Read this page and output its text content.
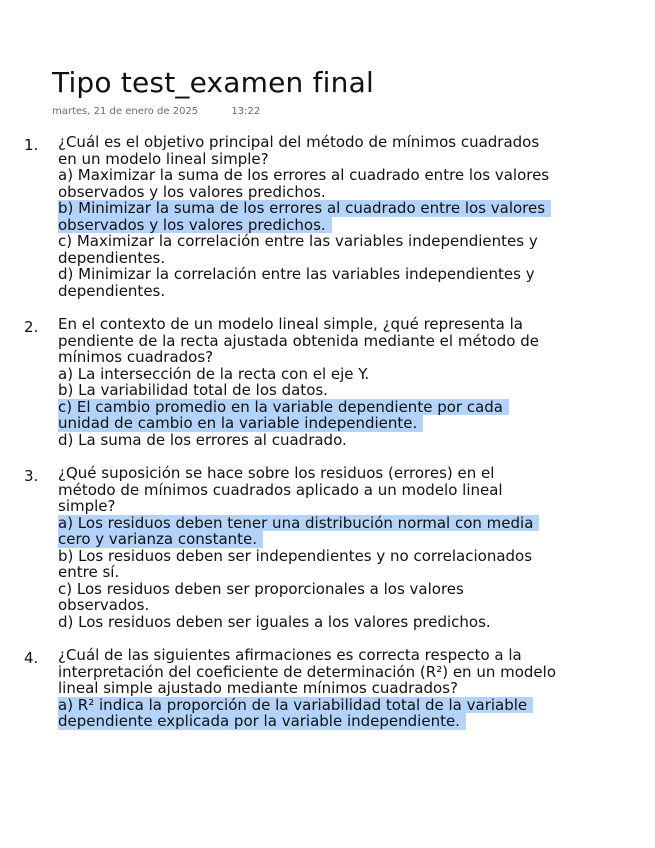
Tipo test_examen final
martes, 21 de enero de 2025	13:22
1. ¿Cuál es el objetivo principal del método de mínimos cuadrados
en un modelo lineal simple?
a) Maximizar la suma de los errores al cuadrado entre los valores
observados y los valores predichos.
b) Minimizar la suma de los errores al cuadrado entre los valores
observados y los valores predichos.
c) Maximizar la correlación entre las variables independientes y
dependientes.
d) Minimizar la correlación entre las variables independientes y
dependientes.
2. En el contexto de un modelo lineal simple, ¿qué representa la
pendiente de la recta ajustada obtenida mediante el método de
mínimos cuadrados?
a) La intersección de la recta con el eje Y.
b) La variabilidad total de los datos.
c) El cambio promedio en la variable dependiente por cada
unidad de cambio en la variable independiente.
d) La suma de los errores al cuadrado.
3. ¿Qué suposición se hace sobre los residuos (errores) en el
método de mínimos cuadrados aplicado a un modelo lineal
simple?
a) Los residuos deben tener una distribución normal con media
cero y varianza constante.
b) Los residuos deben ser independientes y no correlacionados
entre sí.
c) Los residuos deben ser proporcionales a los valores
observados.
d) Los residuos deben ser iguales a los valores predichos.
4. ¿Cuál de las siguientes afirmaciones es correcta respecto a la
interpretación del coeficiente de determinación (R²) en un modelo
lineal simple ajustado mediante mínimos cuadrados?
a) R² indica la proporción de la variabilidad total de la variable
dependiente explicada por la variable independiente.
